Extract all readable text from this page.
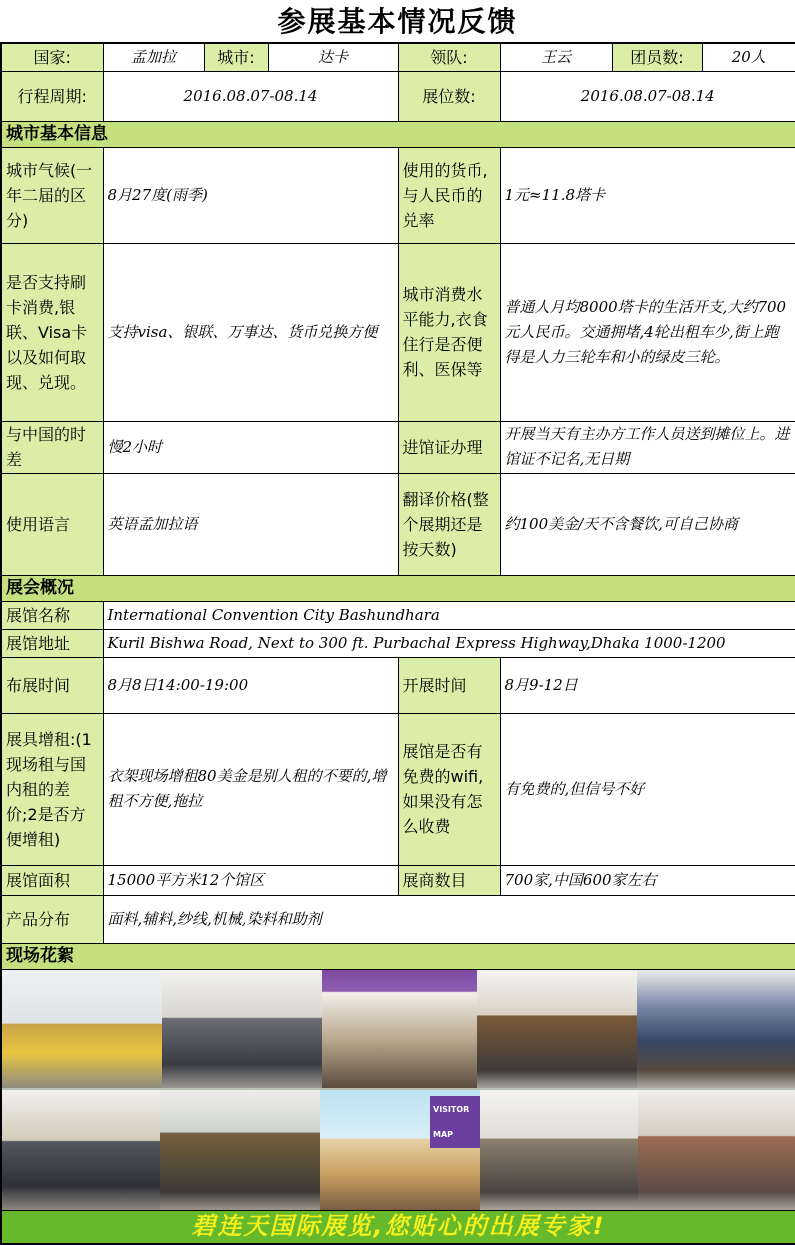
参展基本情况反馈
国家:	孟加拉	城市:	达卡	领队:	王云	团员数:	20人
行程周期:	2016.08.07-08.14			展位数:	2016.08.07-08.14		
城市基本信息							
城市气候(一年二届的区分)	8月27度(雨季)			使用的货币,与人民币的兑率	1元≈11.8塔卡		
是否支持刷卡消费,银联、Visa卡 以及如何取现、兑现。	支持visa、银联、万事达、货币兑换方便			城市消费水平能力,衣食住行是否便利、医保等	普通人月均8000塔卡的生活开支,大约700元人民币。交通拥堵,4轮出租车少,街上跑得是人力三轮车和小的绿皮三轮。		
与中国的时差	慢2小时			进馆证办理	开展当天有主办方工作人员送到摊位上。进馆证不记名,无日期		
使用语言	英语孟加拉语			翻译价格(整个展期还是按天数)	约100美金/天不含餐饮,可自己协商		
展会概况							
展馆名称	International Convention City Bashundhara						
展馆地址	Kuril Bishwa Road, Next to 300 ft. Purbachal Express Highway,Dhaka 1000-1200						
布展时间	8月8日14:00-19:00			开展时间	8月9-12日		
展具增租:(1现场租与国内租的差价;2是否方便增租)	衣架现场增租80美金是别人租的不要的,增租不方便,拖拉			展馆是否有免费的wifi,如果没有怎么收费	有免费的,但信号不好		
展馆面积	15000平方米12个馆区			展商数目	700家,中国600家左右		
产品分布	面料,辅料,纱线,机械,染料和助剂						
现场花絮							

VISITOR MAP							

碧连天国际展览,您贴心的出展专家!							
